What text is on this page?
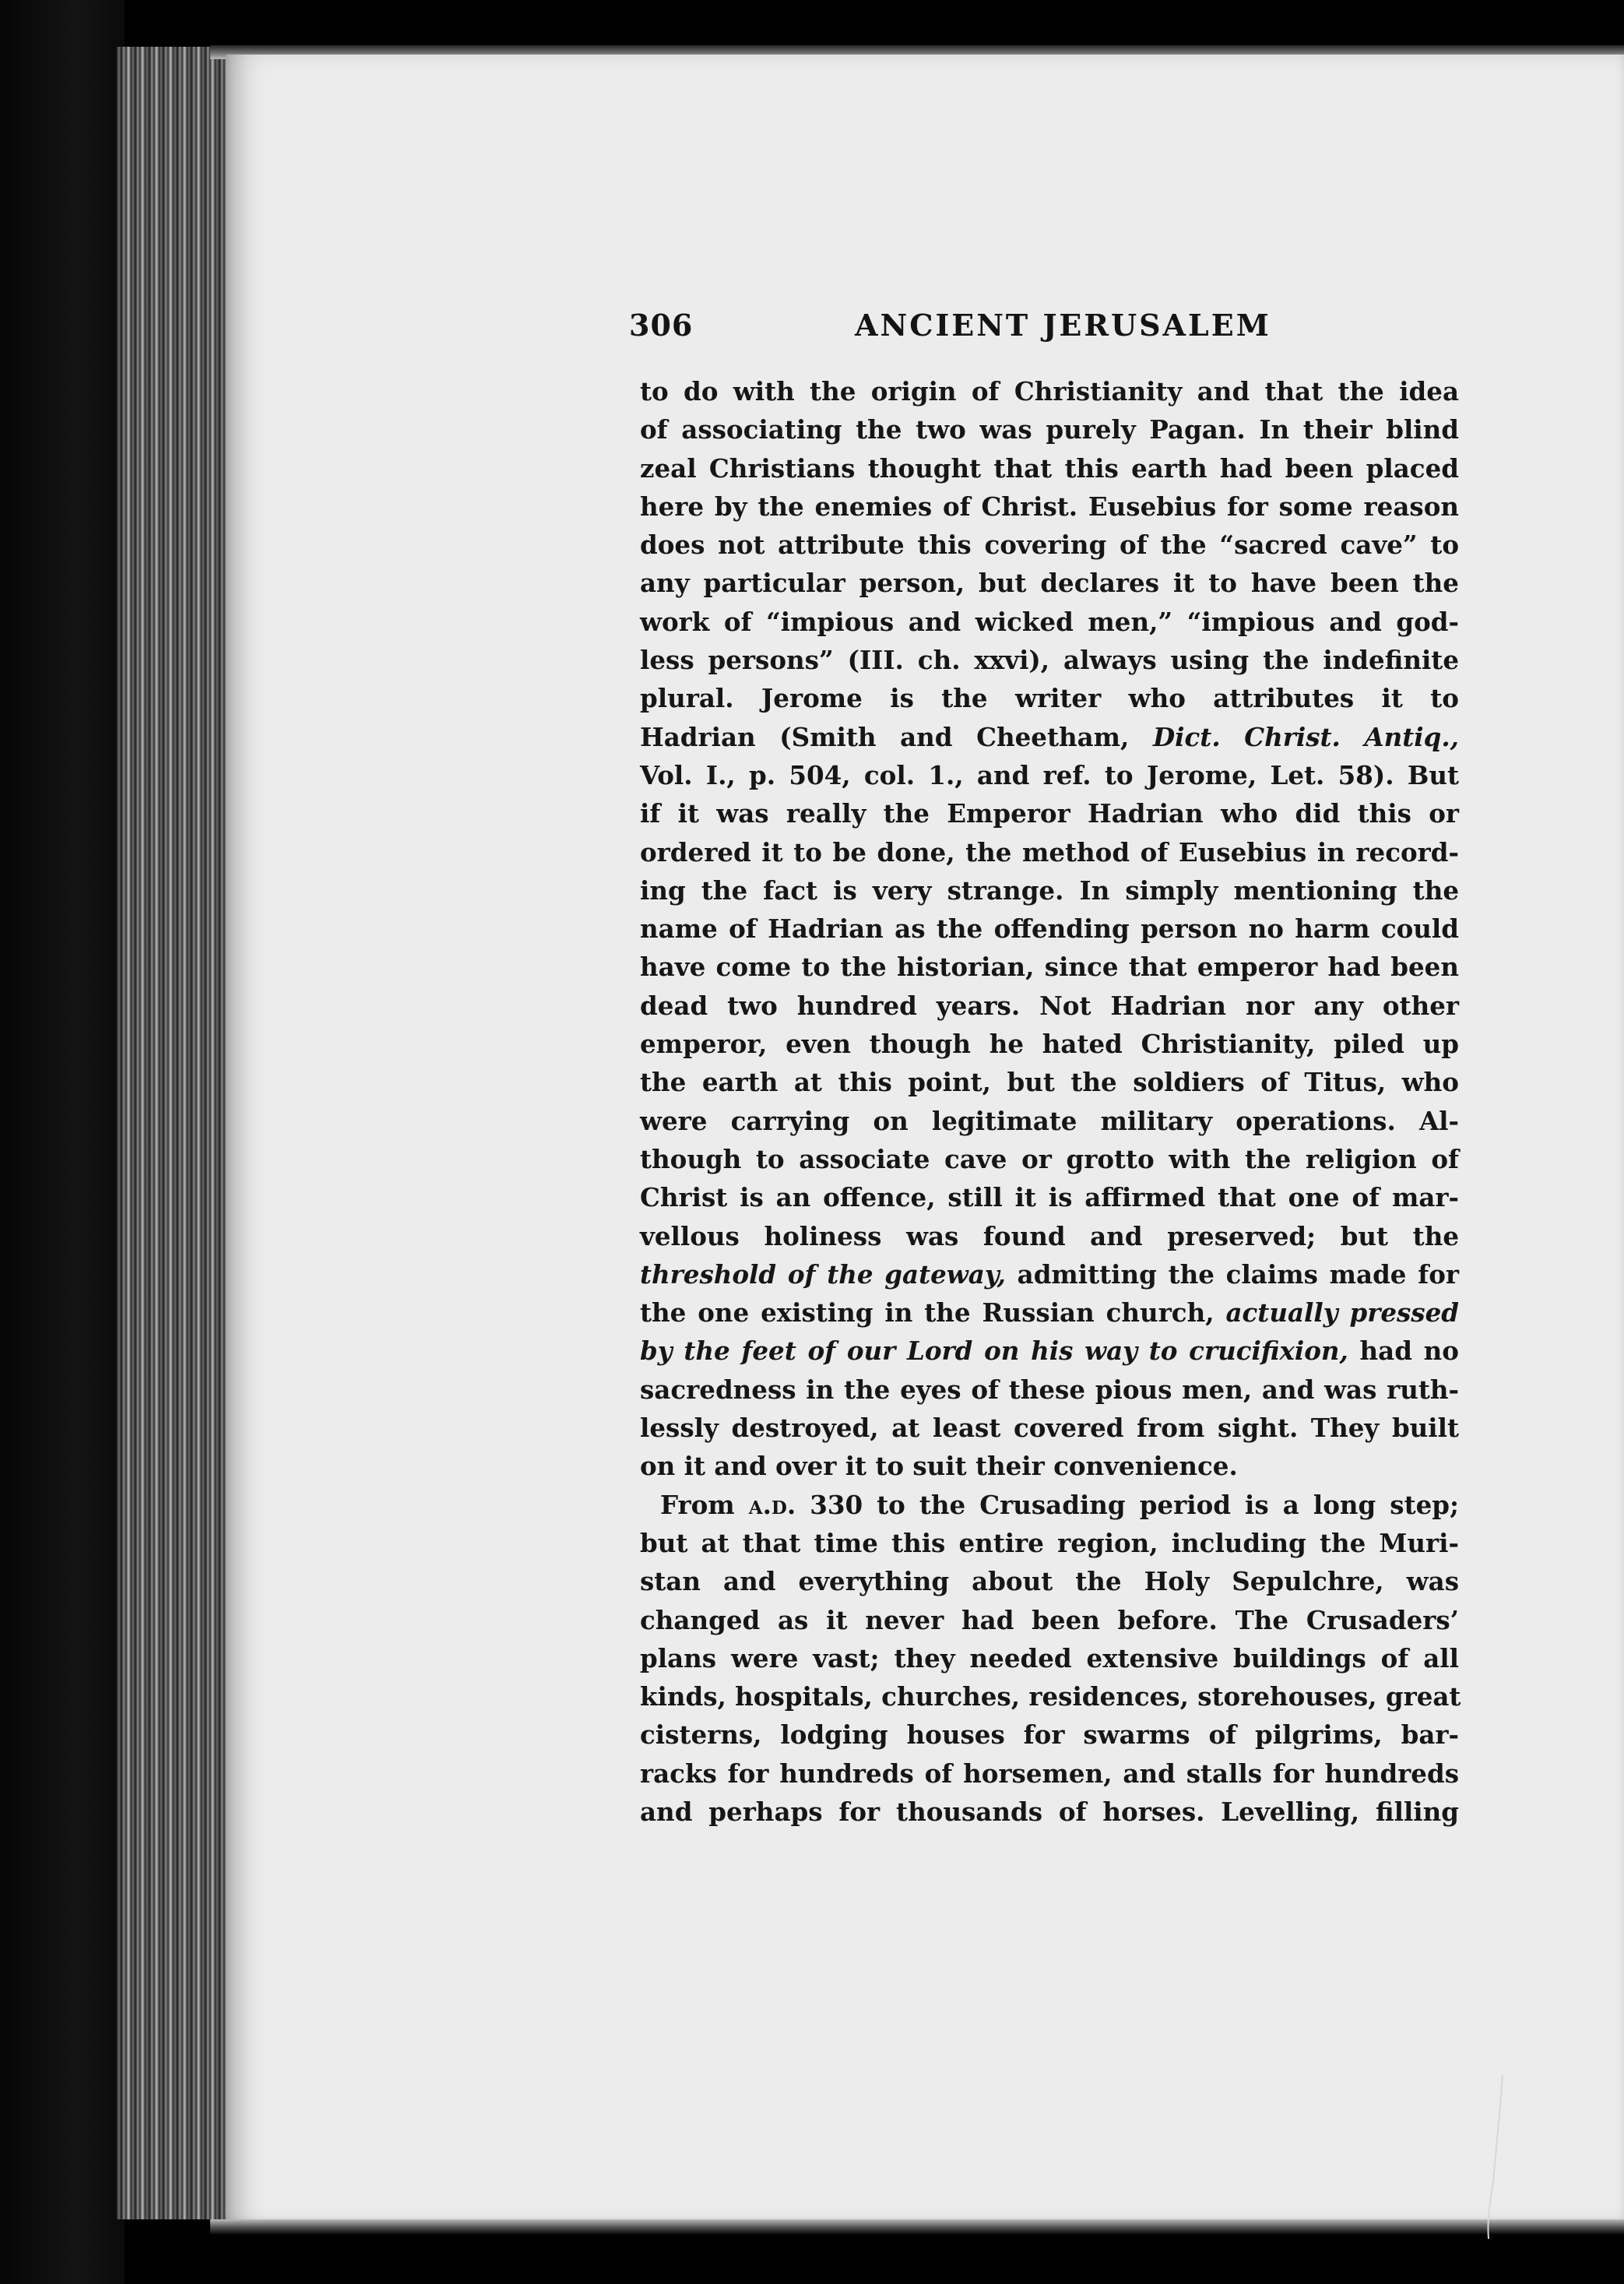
306	ANCIENT JERUSALEM
to do with the origin of Christianity and that the idea
of associating the two was purely Pagan. In their blind
zeal Christians thought that this earth had been placed
here by the enemies of Christ. Eusebius for some reason
does not attribute this covering of the “sacred cave” to
any particular person, but declares it to have been the
work of “impious and wicked men,” “impious and god-
less persons” (III. ch. xxvi), always using the indefinite
plural. Jerome is the writer who attributes it to
Hadrian (Smith and Cheetham, Dict. Christ. Antiq.,
Vol. I., p. 504, col. 1., and ref. to Jerome, Let. 58). But
if it was really the Emperor Hadrian who did this or
ordered it to be done, the method of Eusebius in record-
ing the fact is very strange. In simply mentioning the
name of Hadrian as the offending person no harm could
have come to the historian, since that emperor had been
dead two hundred years. Not Hadrian nor any other
emperor, even though he hated Christianity, piled up
the earth at this point, but the soldiers of Titus, who
were carrying on legitimate military operations. Al-
though to associate cave or grotto with the religion of
Christ is an offence, still it is affirmed that one of mar-
vellous holiness was found and preserved; but the
threshold of the gateway, admitting the claims made for
the one existing in the Russian church, actually pressed
by the feet of our Lord on his way to crucifixion, had no
sacredness in the eyes of these pious men, and was ruth-
lessly destroyed, at least covered from sight. They built
on it and over it to suit their convenience.
From a.d. 330 to the Crusading period is a long step;
but at that time this entire region, including the Muri-
stan and everything about the Holy Sepulchre, was
changed as it never had been before. The Crusaders’
plans were vast; they needed extensive buildings of all
kinds, hospitals, churches, residences, storehouses, great
cisterns, lodging houses for swarms of pilgrims, bar-
racks for hundreds of horsemen, and stalls for hundreds
and perhaps for thousands of horses. Levelling, filling
